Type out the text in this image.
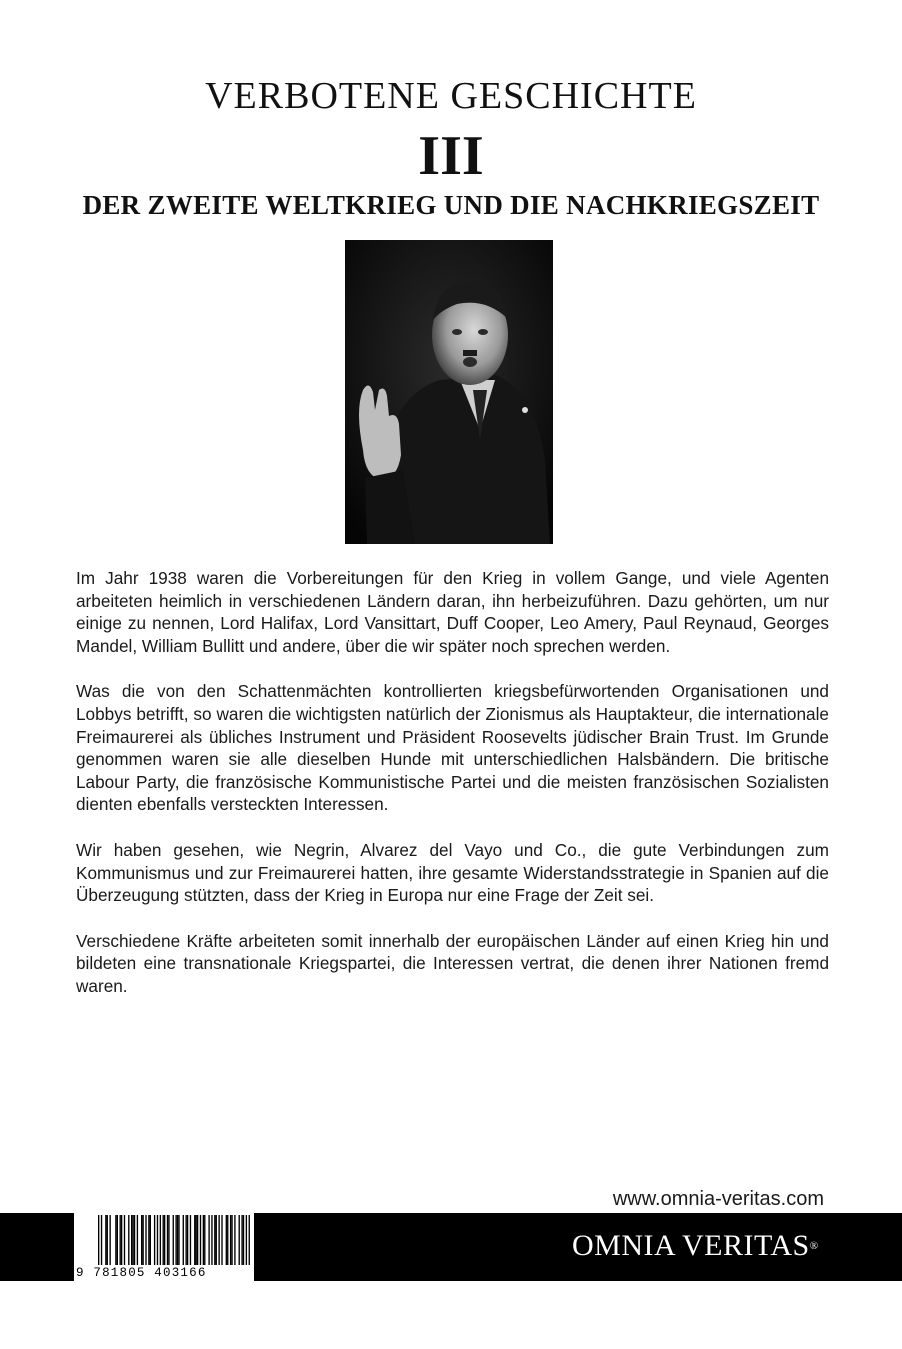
VERBOTENE GESCHICHTE
III
DER ZWEITE WELTKRIEG UND DIE NACHKRIEGSZEIT

Im Jahr 1938 waren die Vorbereitungen für den Krieg in vollem Gange, und viele Agenten arbeiteten heimlich in verschiedenen Ländern daran, ihn herbeizuführen. Dazu gehörten, um nur einige zu nennen, Lord Halifax, Lord Vansittart, Duff Cooper, Leo Amery, Paul Reynaud, Georges Mandel, William Bullitt und andere, über die wir später noch sprechen werden.

Was die von den Schattenmächten kontrollierten kriegsbefürwortenden Organisationen und Lobbys betrifft, so waren die wichtigsten natürlich der Zionismus als Hauptakteur, die internationale Freimaurerei als übliches Instrument und Präsident Roosevelts jüdischer Brain Trust. Im Grunde genommen waren sie alle dieselben Hunde mit unterschiedlichen Halsbändern. Die britische Labour Party, die französische Kommunistische Partei und die meisten französischen Sozialisten dienten ebenfalls versteckten Interessen.

Wir haben gesehen, wie Negrin, Alvarez del Vayo und Co., die gute Verbindungen zum Kommunismus und zur Freimaurerei hatten, ihre gesamte Widerstandsstrategie in Spanien auf die Überzeugung stützten, dass der Krieg in Europa nur eine Frage der Zeit sei.

Verschiedene Kräfte arbeiteten somit innerhalb der europäischen Länder auf einen Krieg hin und bildeten eine transnationale Kriegspartei, die Interessen vertrat, die denen ihrer Nationen fremd waren.

www.omnia-veritas.com
9 781805 403166
OMNIA VERITAS®
